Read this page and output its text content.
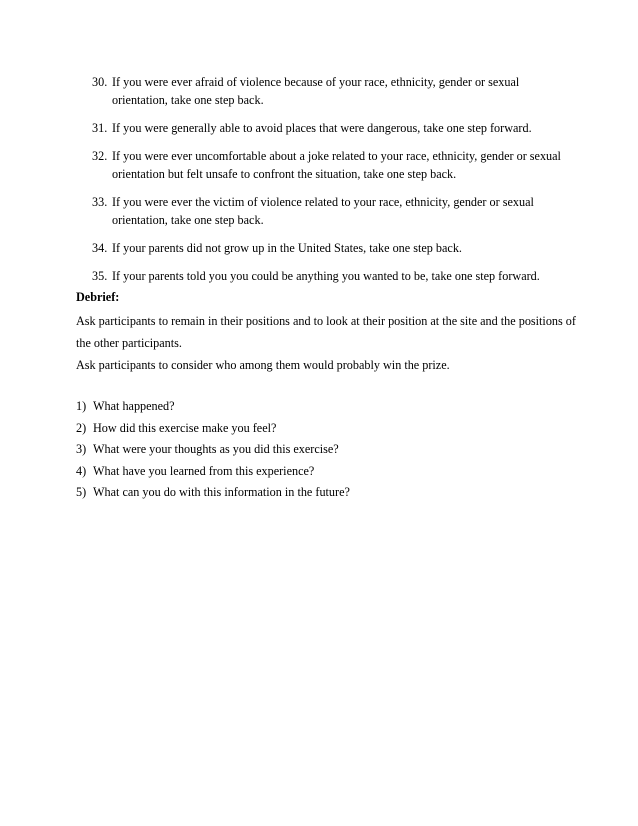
30. If you were ever afraid of violence because of your race, ethnicity, gender or sexual orientation, take one step back.
31. If you were generally able to avoid places that were dangerous, take one step forward.
32. If you were ever uncomfortable about a joke related to your race, ethnicity, gender or sexual orientation but felt unsafe to confront the situation, take one step back.
33. If you were ever the victim of violence related to your race, ethnicity, gender or sexual orientation, take one step back.
34. If your parents did not grow up in the United States, take one step back.
35. If your parents told you you could be anything you wanted to be, take one step forward.

Debrief:

Ask participants to remain in their positions and to look at their position at the site and the positions of the other participants.

Ask participants to consider who among them would probably win the prize.

1) What happened?
2) How did this exercise make you feel?
3) What were your thoughts as you did this exercise?
4) What have you learned from this experience?
5) What can you do with this information in the future?
